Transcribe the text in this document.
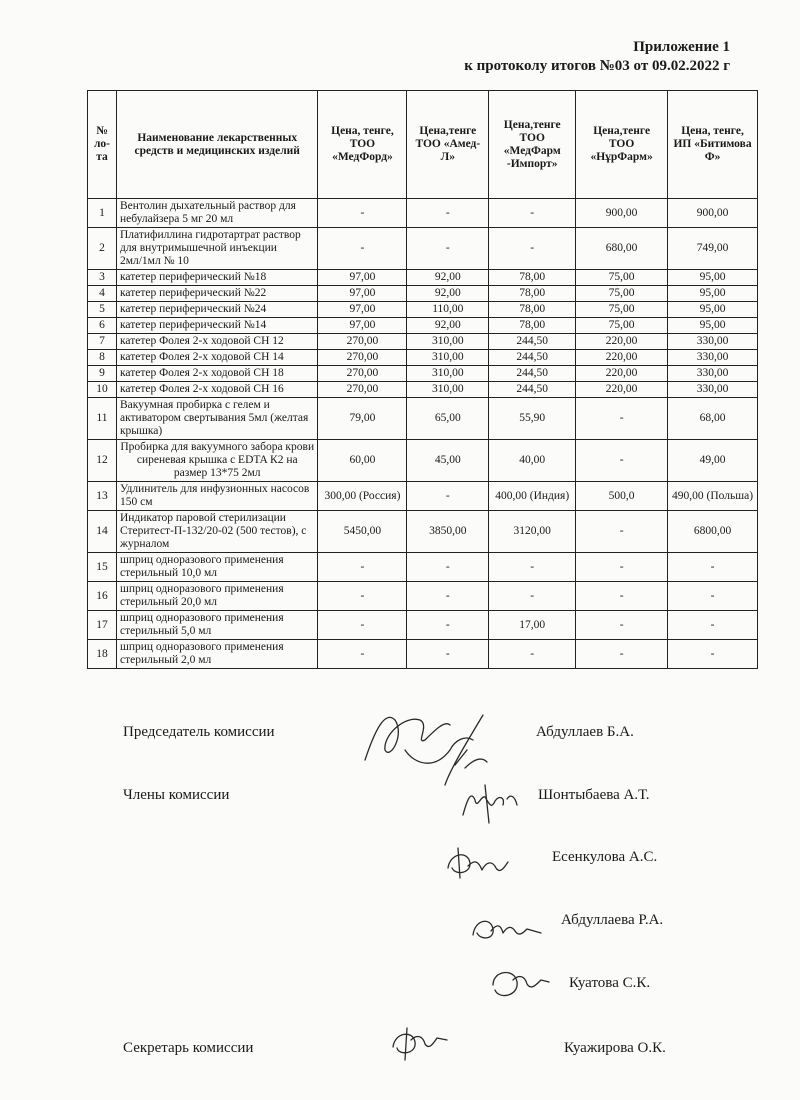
Приложение 1
к протоколу итогов №03 от 09.02.2022 г
№ ло-та	Наименование лекарственных средств и медицинских изделий	Цена, тенге, ТОО «МедФорд»	Цена,тенге ТОО «Амед-Л»	Цена,тенге ТОО «МедФарм -Импорт»	Цена,тенге ТОО «НұрФарм»	Цена, тенге, ИП «Битимова Ф»
1	Вентолин дыхательный раствор для небулайзера 5 мг 20 мл	-	-	-	900,00	900,00
2	Платифиллина гидротартрат раствор для внутримышечной инъекции 2мл/1мл № 10	-	-	-	680,00	749,00
3	катетер периферический №18	97,00	92,00	78,00	75,00	95,00
4	катетер периферический №22	97,00	92,00	78,00	75,00	95,00
5	катетер периферический №24	97,00	110,00	78,00	75,00	95,00
6	катетер периферический №14	97,00	92,00	78,00	75,00	95,00
7	катетер Фолея 2-х ходовой СН 12	270,00	310,00	244,50	220,00	330,00
8	катетер Фолея 2-х ходовой СН 14	270,00	310,00	244,50	220,00	330,00
9	катетер Фолея 2-х ходовой СН 18	270,00	310,00	244,50	220,00	330,00
10	катетер Фолея 2-х ходовой СН 16	270,00	310,00	244,50	220,00	330,00
11	Вакуумная пробирка с гелем и активатором свертывания 5мл (желтая крышка)	79,00	65,00	55,90	-	68,00
12	Пробирка для вакуумного забора крови сиреневая крышка с EDTA К2 на размер 13*75 2мл	60,00	45,00	40,00	-	49,00
13	Удлинитель для инфузионных насосов 150 см	300,00 (Россия)	-	400,00 (Индия)	500,0	490,00 (Польша)
14	Индикатор паровой стерилизации Стеритест-П-132/20-02 (500 тестов), с журналом	5450,00	3850,00	3120,00	-	6800,00
15	шприц одноразового применения стерильный 10,0 мл	-	-	-	-	-
16	шприц одноразового применения стерильный 20,0 мл	-	-	-	-	-
17	шприц одноразового применения стерильный 5,0 мл	-	-	17,00	-	-
18	шприц одноразового применения стерильный 2,0 мл	-	-	-	-	-
Председатель комиссии	Абдуллаев Б.А.
Члены комиссии	Шонтыбаева А.Т.
Есенкулова А.С.
Абдуллаева Р.А.
Куатова С.К.
Секретарь комиссии	Куажирова О.К.
